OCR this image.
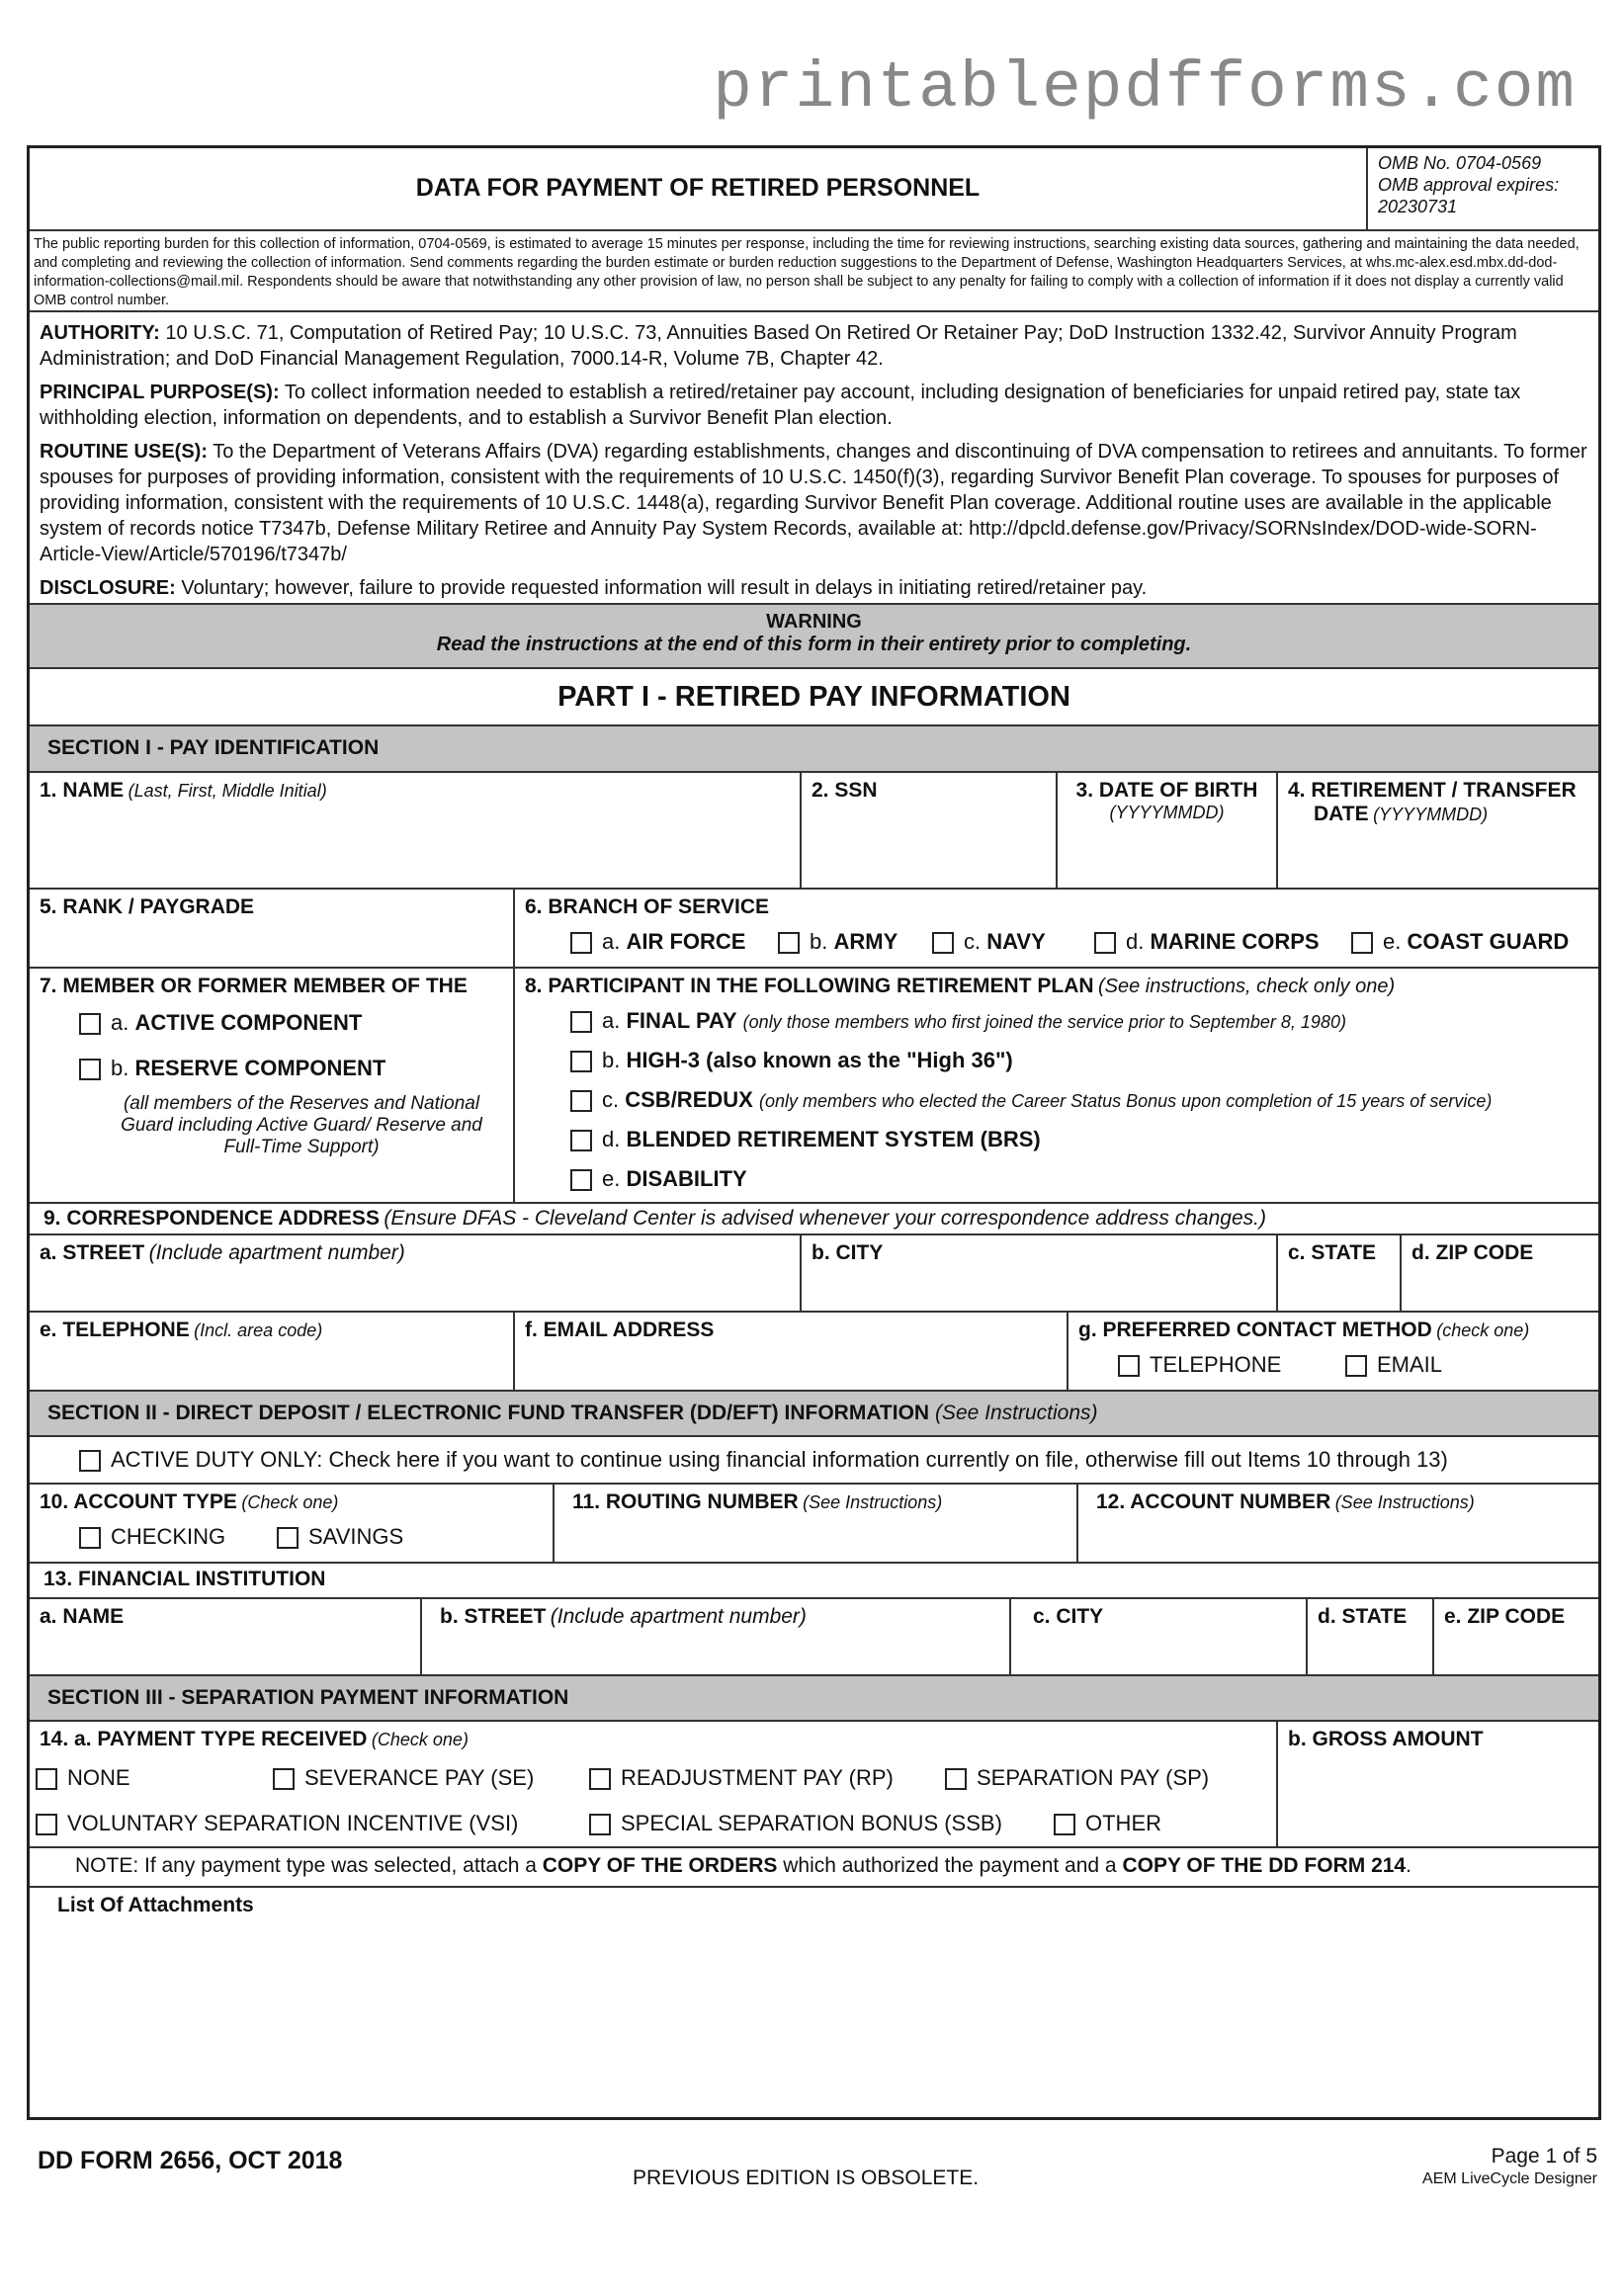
printablepdfforms.com
DATA FOR PAYMENT OF RETIRED PERSONNEL
OMB No. 0704-0569
OMB approval expires:
20230731
The public reporting burden for this collection of information, 0704-0569, is estimated to average 15 minutes per response, including the time for reviewing instructions, searching existing data sources, gathering and maintaining the data needed, and completing and reviewing the collection of information. Send comments regarding the burden estimate or burden reduction suggestions to the Department of Defense, Washington Headquarters Services, at whs.mc-alex.esd.mbx.dd-dod-information-collections@mail.mil. Respondents should be aware that notwithstanding any other provision of law, no person shall be subject to any penalty for failing to comply with a collection of information if it does not display a currently valid OMB control number.

AUTHORITY: 10 U.S.C. 71, Computation of Retired Pay; 10 U.S.C. 73, Annuities Based On Retired Or Retainer Pay; DoD Instruction 1332.42, Survivor Annuity Program Administration; and DoD Financial Management Regulation, 7000.14-R, Volume 7B, Chapter 42.

PRINCIPAL PURPOSE(S): To collect information needed to establish a retired/retainer pay account, including designation of beneficiaries for unpaid retired pay, state tax withholding election, information on dependents, and to establish a Survivor Benefit Plan election.

ROUTINE USE(S): To the Department of Veterans Affairs (DVA) regarding establishments, changes and discontinuing of DVA compensation to retirees and annuitants. To former spouses for purposes of providing information, consistent with the requirements of 10 U.S.C. 1450(f)(3), regarding Survivor Benefit Plan coverage. To spouses for purposes of providing information, consistent with the requirements of 10 U.S.C. 1448(a), regarding Survivor Benefit Plan coverage. Additional routine uses are available in the applicable system of records notice T7347b, Defense Military Retiree and Annuity Pay System Records, available at: http://dpcld.defense.gov/Privacy/SORNsIndex/DOD-wide-SORN-Article-View/Article/570196/t7347b/

DISCLOSURE: Voluntary; however, failure to provide requested information will result in delays in initiating retired/retainer pay.

WARNING
Read the instructions at the end of this form in their entirety prior to completing.
PART I - RETIRED PAY INFORMATION
SECTION I - PAY IDENTIFICATION
1. NAME (Last, First, Middle Initial)	2. SSN	3. DATE OF BIRTH
(YYYYMMDD)
4. RETIREMENT / TRANSFER
DATE (YYYYMMDD)
5. RANK / PAYGRADE	6. BRANCH OF SERVICE
a. AIR FORCE	b. ARMY	c. NAVY	d. MARINE CORPS	e. COAST GUARD
7. MEMBER OR FORMER MEMBER OF THE
a. ACTIVE COMPONENT
b. RESERVE COMPONENT
(all members of the Reserves and National Guard including Active Guard/ Reserve and Full-Time Support)
8. PARTICIPANT IN THE FOLLOWING RETIREMENT PLAN (See instructions, check only one)
a. FINAL PAY (only those members who first joined the service prior to September 8, 1980)
b. HIGH-3 (also known as the "High 36")
c. CSB/REDUX (only members who elected the Career Status Bonus upon completion of 15 years of service)
d. BLENDED RETIREMENT SYSTEM (BRS)
e. DISABILITY
9. CORRESPONDENCE ADDRESS (Ensure DFAS - Cleveland Center is advised whenever your correspondence address changes.)
a. STREET (Include apartment number)	b. CITY	c. STATE	d. ZIP CODE
e. TELEPHONE (Incl. area code)	f. EMAIL ADDRESS	g. PREFERRED CONTACT METHOD (check one)
TELEPHONE	EMAIL
SECTION II - DIRECT DEPOSIT / ELECTRONIC FUND TRANSFER (DD/EFT) INFORMATION (See Instructions)
ACTIVE DUTY ONLY: Check here if you want to continue using financial information currently on file, otherwise fill out Items 10 through 13)
10. ACCOUNT TYPE (Check one)
CHECKING	SAVINGS
11. ROUTING NUMBER (See Instructions)	12. ACCOUNT NUMBER (See Instructions)
13. FINANCIAL INSTITUTION
a. NAME	b. STREET (Include apartment number)	c. CITY	d. STATE	e. ZIP CODE
SECTION III - SEPARATION PAYMENT INFORMATION
14. a. PAYMENT TYPE RECEIVED (Check one)
NONE	SEVERANCE PAY (SE)	READJUSTMENT PAY (RP)	SEPARATION PAY (SP)
VOLUNTARY SEPARATION INCENTIVE (VSI)	SPECIAL SEPARATION BONUS (SSB)	OTHER
b. GROSS AMOUNT
NOTE: If any payment type was selected, attach a COPY OF THE ORDERS which authorized the payment and a COPY OF THE DD FORM 214.
List Of Attachments
DD FORM 2656, OCT 2018
PREVIOUS EDITION IS OBSOLETE.
Page 1 of 5
AEM LiveCycle Designer
